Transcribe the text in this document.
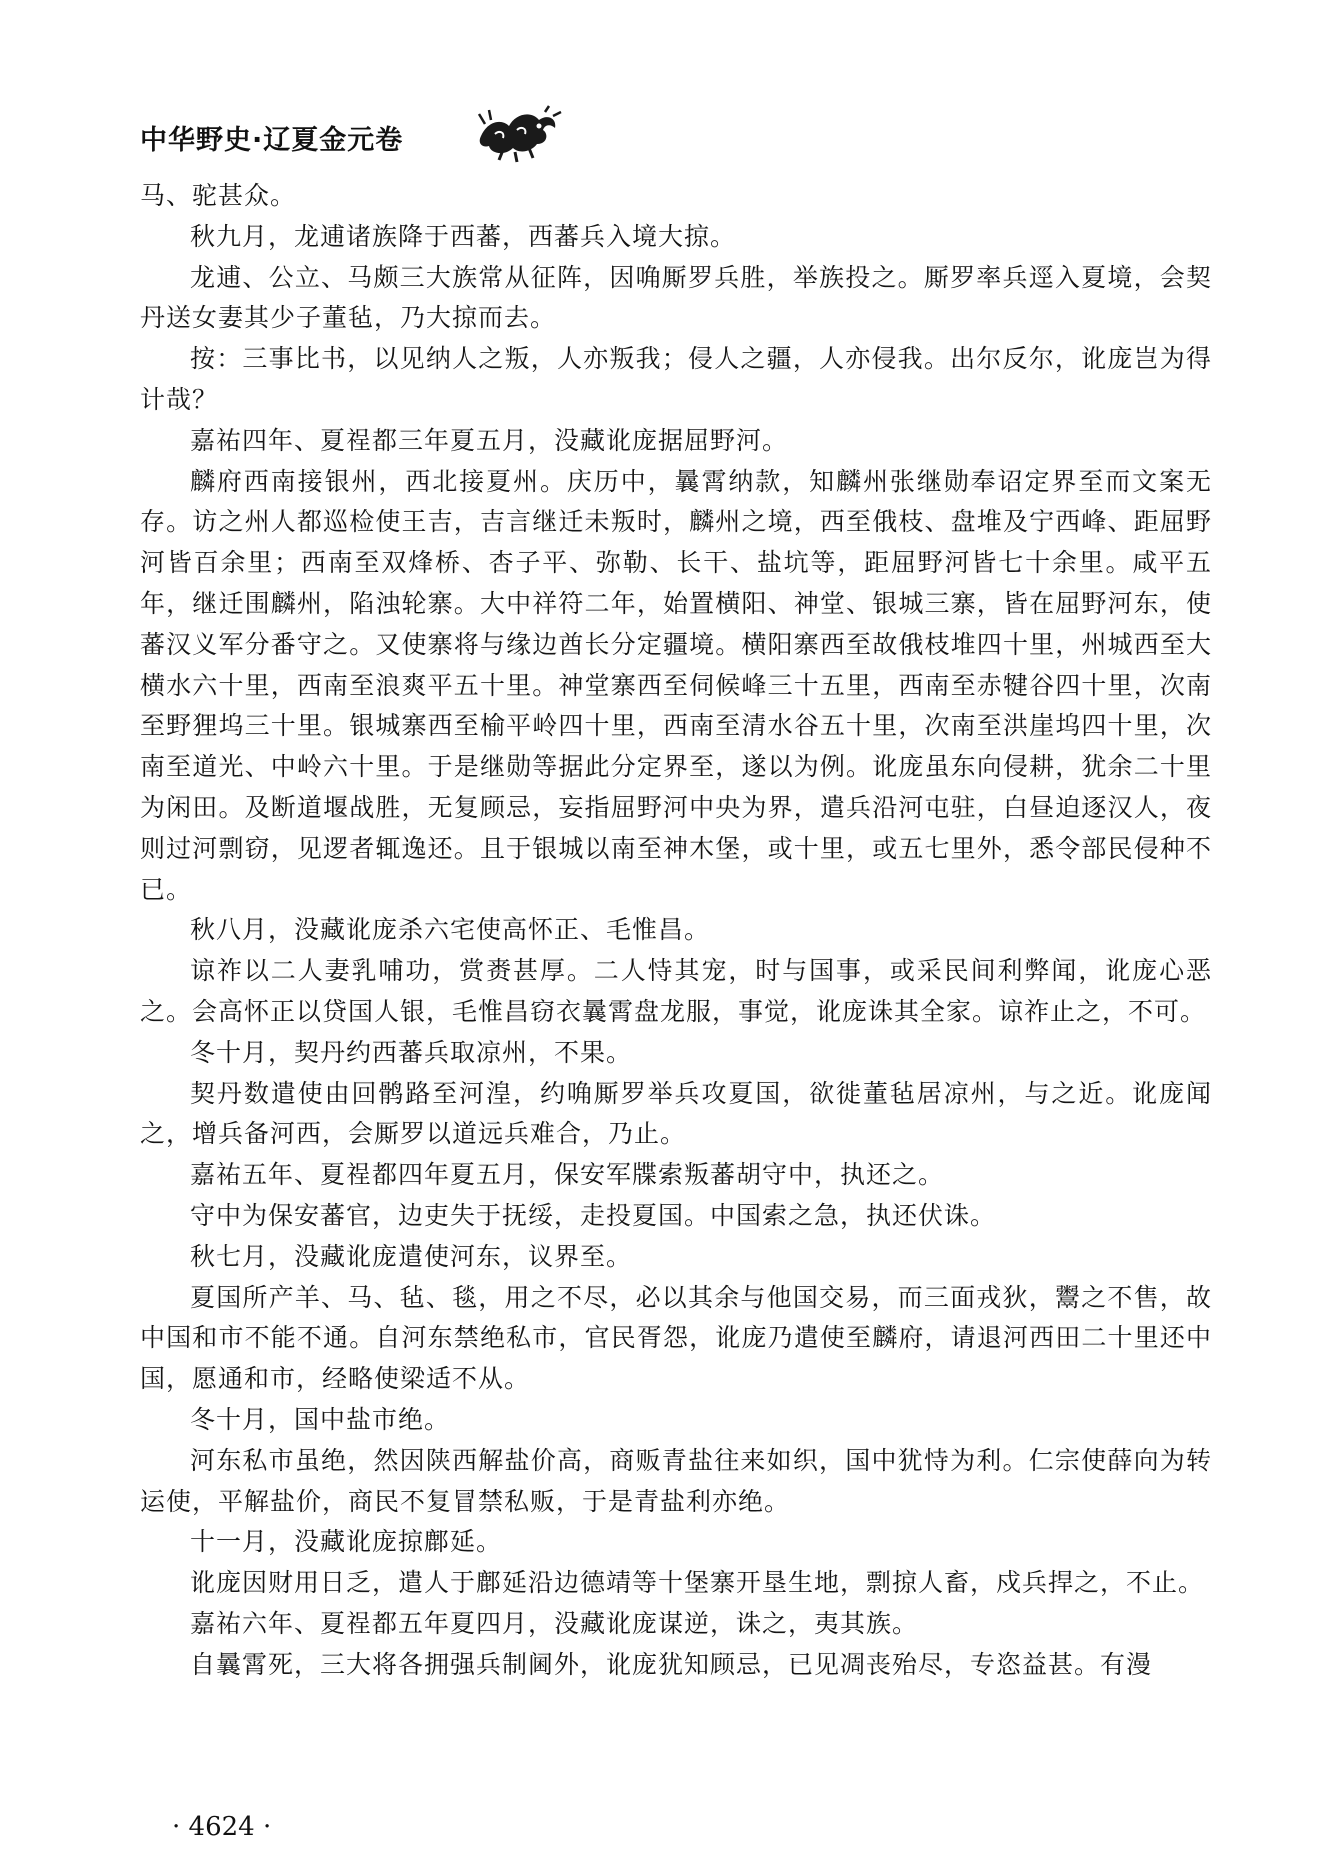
中华野史·辽夏金元卷

马、驼甚众。

秋九月，龙逋诸族降于西蕃，西蕃兵入境大掠。

龙逋、公立、马颇三大族常从征阵，因唃厮罗兵胜，举族投之。厮罗率兵逕入夏境，会契丹送女妻其少子董毡，乃大掠而去。

按：三事比书，以见纳人之叛，人亦叛我；侵人之疆，人亦侵我。出尔反尔，讹庞岂为得计哉？

嘉祐四年、夏䄇都三年夏五月，没藏讹庞据屈野河。

麟府西南接银州，西北接夏州。庆历中，曩霄纳款，知麟州张继勋奉诏定界至而文案无存。访之州人都巡检使王吉，吉言继迁未叛时，麟州之境，西至俄枝、盘堆及宁西峰、距屈野河皆百余里；西南至双烽桥、杏子平、弥勒、长干、盐坑等，距屈野河皆七十余里。咸平五年，继迁围麟州，陷浊轮寨。大中祥符二年，始置横阳、神堂、银城三寨，皆在屈野河东，使蕃汉义军分番守之。又使寨将与缘边酋长分定疆境。横阳寨西至故俄枝堆四十里，州城西至大横水六十里，西南至浪爽平五十里。神堂寨西至伺候峰三十五里，西南至赤犍谷四十里，次南至野狸坞三十里。银城寨西至榆平岭四十里，西南至清水谷五十里，次南至洪崖坞四十里，次南至道光、中岭六十里。于是继勋等据此分定界至，遂以为例。讹庞虽东向侵耕，犹余二十里为闲田。及断道堰战胜，无复顾忌，妄指屈野河中央为界，遣兵沿河屯驻，白昼迫逐汉人，夜则过河剽窃，见逻者辄逸还。且于银城以南至神木堡，或十里，或五七里外，悉令部民侵种不已。

秋八月，没藏讹庞杀六宅使高怀正、毛惟昌。

谅祚以二人妻乳哺功，赏赉甚厚。二人恃其宠，时与国事，或采民间利弊闻，讹庞心恶之。会高怀正以贷国人银，毛惟昌窃衣曩霄盘龙服，事觉，讹庞诛其全家。谅祚止之，不可。

冬十月，契丹约西蕃兵取凉州，不果。

契丹数遣使由回鹘路至河湟，约唃厮罗举兵攻夏国，欲徙董毡居凉州，与之近。讹庞闻之，增兵备河西，会厮罗以道远兵难合，乃止。

嘉祐五年、夏䄇都四年夏五月，保安军牒索叛蕃胡守中，执还之。

守中为保安蕃官，边吏失于抚绥，走投夏国。中国索之急，执还伏诛。

秋七月，没藏讹庞遣使河东，议界至。

夏国所产羊、马、毡、毯，用之不尽，必以其余与他国交易，而三面戎狄，鬻之不售，故中国和市不能不通。自河东禁绝私市，官民胥怨，讹庞乃遣使至麟府，请退河西田二十里还中国，愿通和市，经略使梁适不从。

冬十月，国中盐市绝。

河东私市虽绝，然因陕西解盐价高，商贩青盐往来如织，国中犹恃为利。仁宗使薛向为转运使，平解盐价，商民不复冒禁私贩，于是青盐利亦绝。

十一月，没藏讹庞掠鄜延。

讹庞因财用日乏，遣人于鄜延沿边德靖等十堡寨开垦生地，剽掠人畜，戍兵捍之，不止。

嘉祐六年、夏䄇都五年夏四月，没藏讹庞谋逆，诛之，夷其族。

自曩霄死，三大将各拥强兵制阃外，讹庞犹知顾忌，已见凋丧殆尽，专恣益甚。有漫

· 4624 ·
